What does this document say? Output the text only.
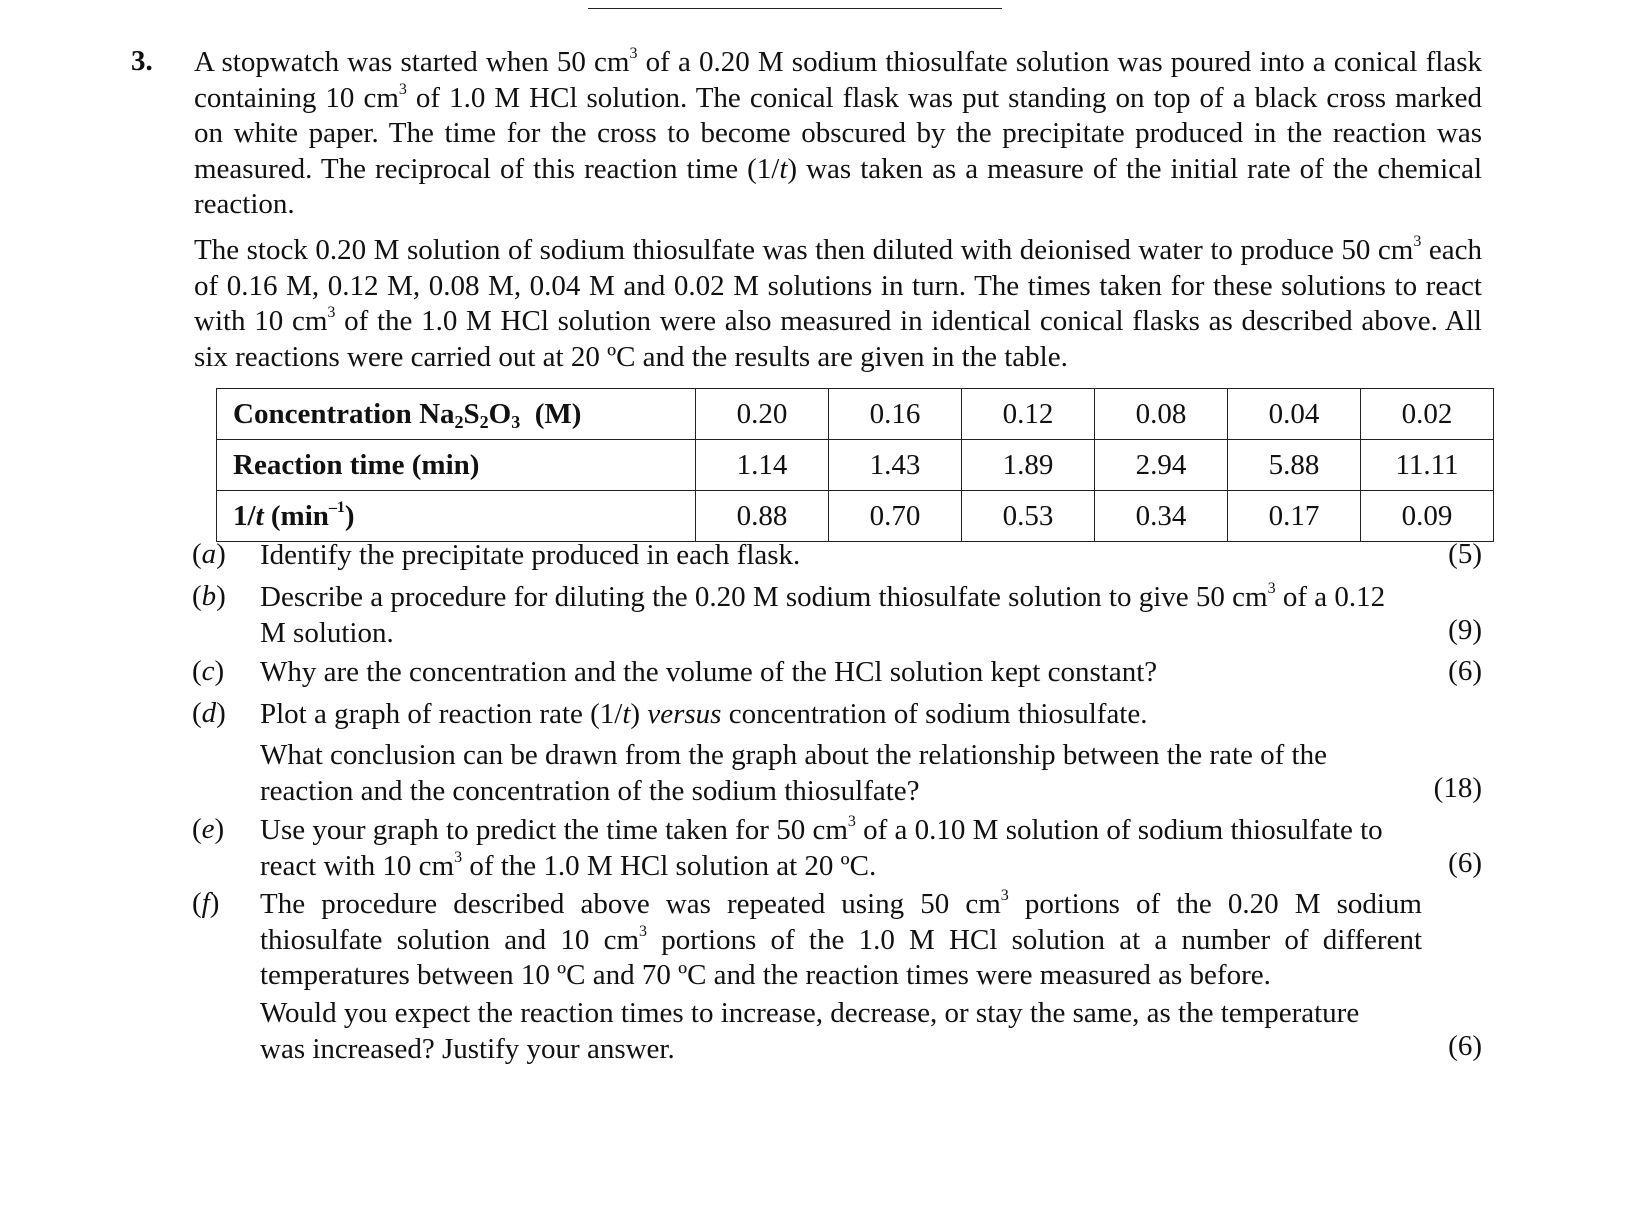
3. A stopwatch was started when 50 $cm^3$ of a 0.20 M sodium thiosulfate solution was poured into a conical flask containing 10 $cm^3$ of 1.0 M HCl solution. The conical flask was put standing on top of a black cross marked on white paper. The time for the cross to become obscured by the precipitate produced in the reaction was measured. The reciprocal of this reaction time (1/t) was taken as a measure of the initial rate of the chemical reaction.
The stock 0.20 M solution of sodium thiosulfate was then diluted with deionised water to produce 50 $cm^3$ each of 0.16 M, 0.12 M, 0.08 M, 0.04 M and 0.02 M solutions in turn. The times taken for these solutions to react with 10 $cm^3$ of the 1.0 M HCl solution were also measured in identical conical flasks as described above. All six reactions were carried out at 20 ºC and the results are given in the table.
Concentration $Na_2S_2O_3$  (M)	0.20	0.16	0.12	0.08	0.04	0.02
Reaction time (min)	1.14	1.43	1.89	2.94	5.88	11.11
1/t $(\min^{-1})$	0.88	0.70	0.53	0.34	0.17	0.09
(a)	Identify the precipitate produced in each flask.	(5)
(b)	Describe a procedure for diluting the 0.20 M sodium thiosulfate solution to give 50 $cm^3$ of a 0.12 M solution.	(9)
(c)	Why are the concentration and the volume of the HCl solution kept constant?	(6)
(d)	Plot a graph of reaction rate (1/t) versus concentration of sodium thiosulfate.
What conclusion can be drawn from the graph about the relationship between the rate of the reaction and the concentration of the sodium thiosulfate?	(18)
(e)	Use your graph to predict the time taken for 50 $cm^3$ of a 0.10 M solution of sodium thiosulfate to react with 10 $cm^3$ of the 1.0 M HCl solution at 20 ºC.	(6)
(f)	The procedure described above was repeated using 50 $cm^3$ portions of the 0.20 M sodium thiosulfate solution and 10 $cm^3$ portions of the 1.0 M HCl solution at a number of different temperatures between 10 ºC and 70 ºC and the reaction times were measured as before.
Would you expect the reaction times to increase, decrease, or stay the same, as the temperature was increased? Justify your answer.	(6)
